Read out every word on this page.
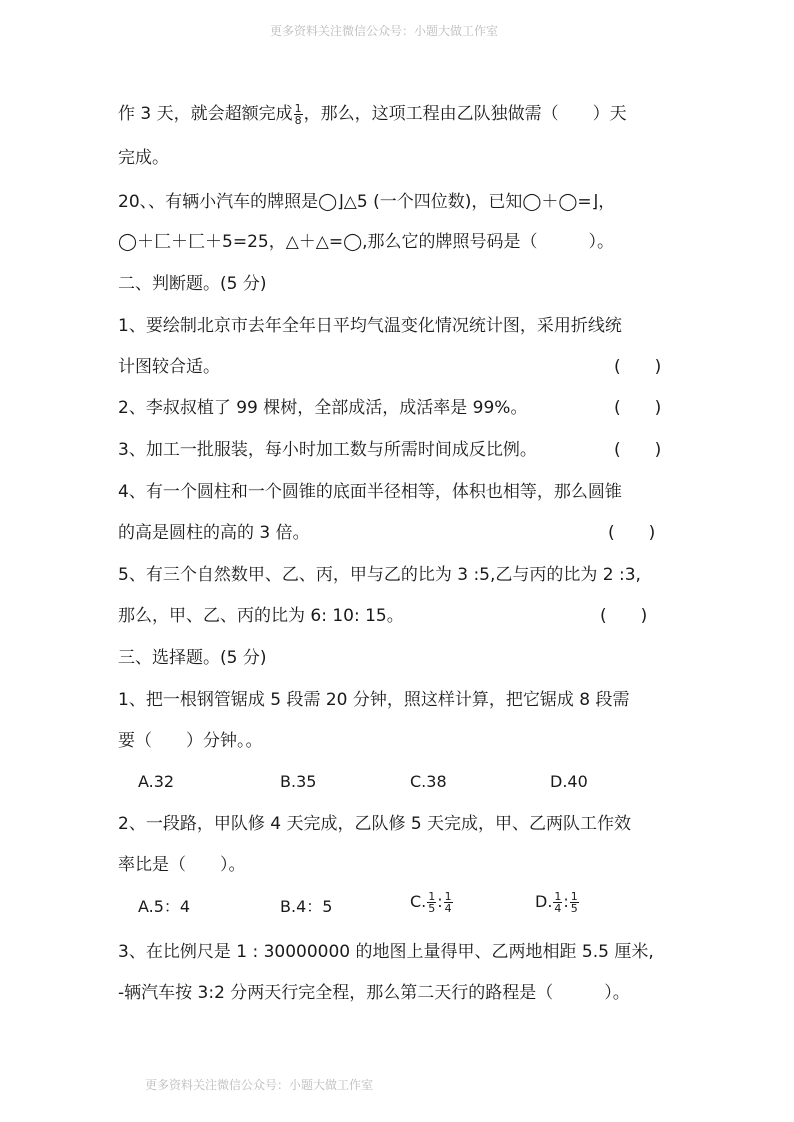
更多资料关注微信公众号：小题大做工作室
作 3 天，就会超额完成 $\frac{1}{8}$ ，那么，这项工程由乙队独做需（　　）天
完成。
20、、有辆小汽车的牌照是◯⌋△5 (一个四位数)，已知◯＋◯=⌋，
◯＋匚＋匚＋5=25，△＋△=◯,那么它的牌照号码是（　　　）。
二、判断题。(5 分)
1、要绘制北京市去年全年日平均气温变化情况统计图，采用折线统
计图较合适。	(　　)
2、李叔叔植了 99 棵树，全部成活，成活率是 99%。	(　　)
3、加工一批服装，每小时加工数与所需时间成反比例。	(　　)
4、有一个圆柱和一个圆锥的底面半径相等，体积也相等，那么圆锥
的高是圆柱的高的 3 倍。	(　　)
5、有三个自然数甲、乙、丙，甲与乙的比为 3 :5,乙与丙的比为 2 :3,
那么，甲、乙、丙的比为 6: 10: 15。	(　　)
三、选择题。(5 分)
1、把一根钢管锯成 5 段需 20 分钟，照这样计算，把它锯成 8 段需
要（　　）分钟。。
A.32	B.35	C.38	D.40
2、一段路，甲队修 4 天完成，乙队修 5 天完成，甲、乙两队工作效
率比是（　　）。
A.5：4	B.4：5	C. $\frac{1}{5}$ : $\frac{1}{4}$	D. $\frac{1}{4}$ : $\frac{1}{5}$
3、在比例尺是 1 : 30000000 的地图上量得甲、乙两地相距 5.5 厘米,
-辆汽车按 3:2 分两天行完全程，那么第二天行的路程是（　　　）。
更多资料关注微信公众号：小题大做工作室
